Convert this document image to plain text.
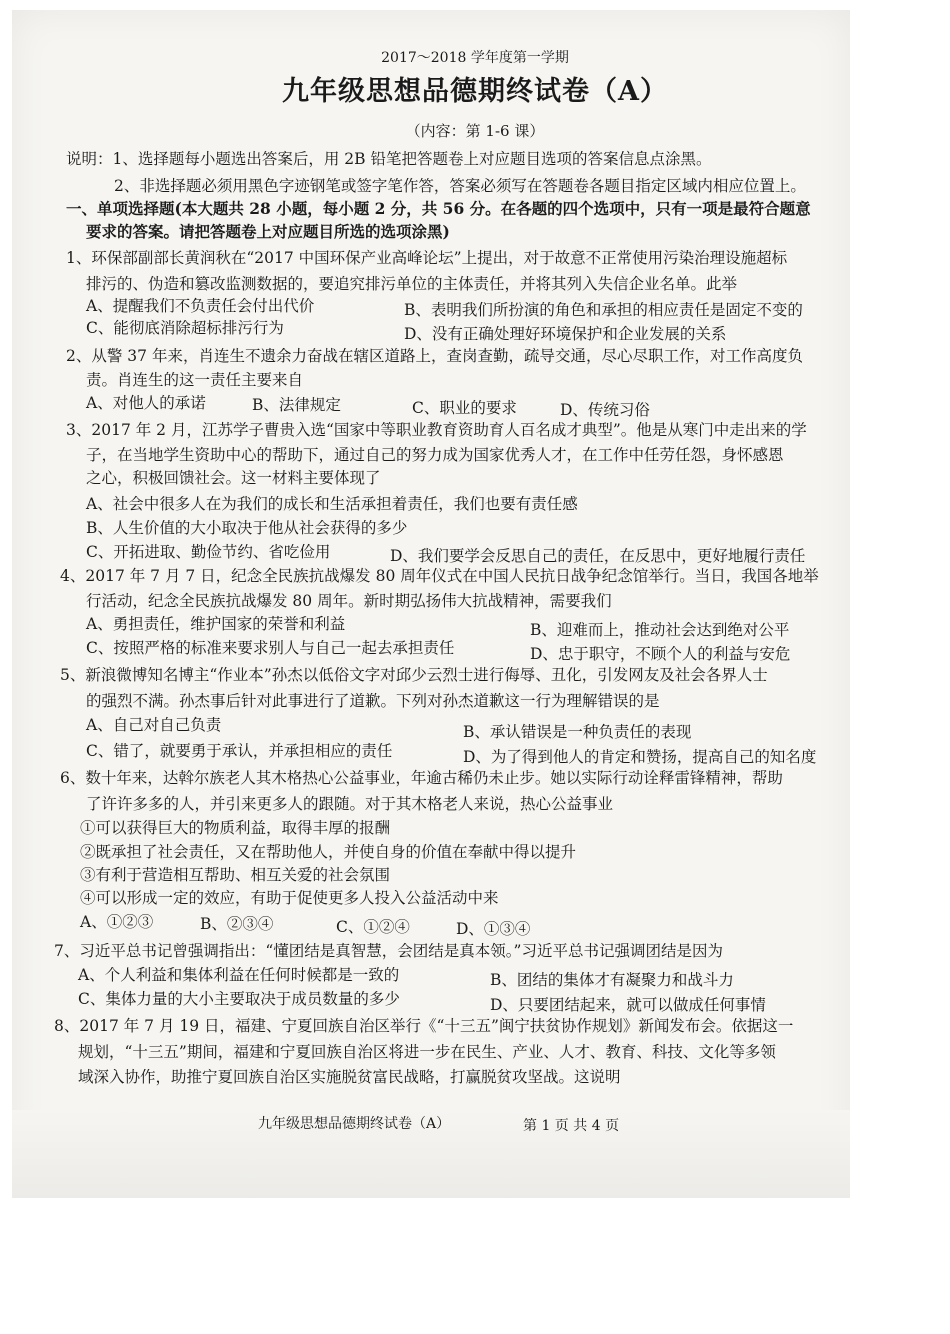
2017～2018 学年度第一学期
九年级思想品德期终试卷（A）
（内容：第 1-6 课）
说明：1、选择题每小题选出答案后，用 2B 铅笔把答题卷上对应题目选项的答案信息点涂黑。
2、非选择题必须用黑色字迹钢笔或签字笔作答，答案必须写在答题卷各题目指定区域内相应位置上。
一、单项选择题(本大题共 28 小题，每小题 2 分，共 56 分。在各题的四个选项中，只有一项是最符合题意
要求的答案。请把答题卷上对应题目所选的选项涂黑)
1、环保部副部长黄润秋在“2017 中国环保产业高峰论坛”上提出，对于故意不正常使用污染治理设施超标
排污的、伪造和篡改监测数据的，要追究排污单位的主体责任，并将其列入失信企业名单。此举
A、提醒我们不负责任会付出代价	B、表明我们所扮演的角色和承担的相应责任是固定不变的
C、能彻底消除超标排污行为	D、没有正确处理好环境保护和企业发展的关系
2、从警 37 年来，肖连生不遗余力奋战在辖区道路上，查岗查勤，疏导交通，尽心尽职工作，对工作高度负
责。肖连生的这一责任主要来自
A、对他人的承诺	B、法律规定	C、职业的要求	D、传统习俗
3、2017 年 2 月，江苏学子曹贵入选“国家中等职业教育资助育人百名成才典型”。他是从寒门中走出来的学
子，在当地学生资助中心的帮助下，通过自己的努力成为国家优秀人才，在工作中任劳任怨，身怀感恩
之心，积极回馈社会。这一材料主要体现了
A、社会中很多人在为我们的成长和生活承担着责任，我们也要有责任感
B、人生价值的大小取决于他从社会获得的多少
C、开拓进取、勤俭节约、省吃俭用	D、我们要学会反思自己的责任，在反思中，更好地履行责任
4、2017 年 7 月 7 日，纪念全民族抗战爆发 80 周年仪式在中国人民抗日战争纪念馆举行。当日，我国各地举
行活动，纪念全民族抗战爆发 80 周年。新时期弘扬伟大抗战精神，需要我们
A、勇担责任，维护国家的荣誉和利益	B、迎难而上，推动社会达到绝对公平
C、按照严格的标准来要求别人与自己一起去承担责任	D、忠于职守，不顾个人的利益与安危
5、新浪微博知名博主“作业本”孙杰以低俗文字对邱少云烈士进行侮辱、丑化，引发网友及社会各界人士
的强烈不满。孙杰事后针对此事进行了道歉。下列对孙杰道歉这一行为理解错误的是
A、自己对自己负责	B、承认错误是一种负责任的表现
C、错了，就要勇于承认，并承担相应的责任	D、为了得到他人的肯定和赞扬，提高自己的知名度
6、数十年来，达斡尔族老人其木格热心公益事业，年逾古稀仍未止步。她以实际行动诠释雷锋精神，帮助
了许许多多的人，并引来更多人的跟随。对于其木格老人来说，热心公益事业
①可以获得巨大的物质利益，取得丰厚的报酬
②既承担了社会责任，又在帮助他人，并使自身的价值在奉献中得以提升
③有利于营造相互帮助、相互关爱的社会氛围
④可以形成一定的效应，有助于促使更多人投入公益活动中来
A、①②③	B、②③④	C、①②④	D、①③④
7、习近平总书记曾强调指出：“懂团结是真智慧，会团结是真本领。”习近平总书记强调团结是因为
A、个人利益和集体利益在任何时候都是一致的	B、团结的集体才有凝聚力和战斗力
C、集体力量的大小主要取决于成员数量的多少	D、只要团结起来，就可以做成任何事情
8、2017 年 7 月 19 日，福建、宁夏回族自治区举行《“十三五”闽宁扶贫协作规划》新闻发布会。依据这一
规划，“十三五”期间，福建和宁夏回族自治区将进一步在民生、产业、人才、教育、科技、文化等多领
域深入协作，助推宁夏回族自治区实施脱贫富民战略，打赢脱贫攻坚战。这说明
九年级思想品德期终试卷（A）	第 1 页 共 4 页
